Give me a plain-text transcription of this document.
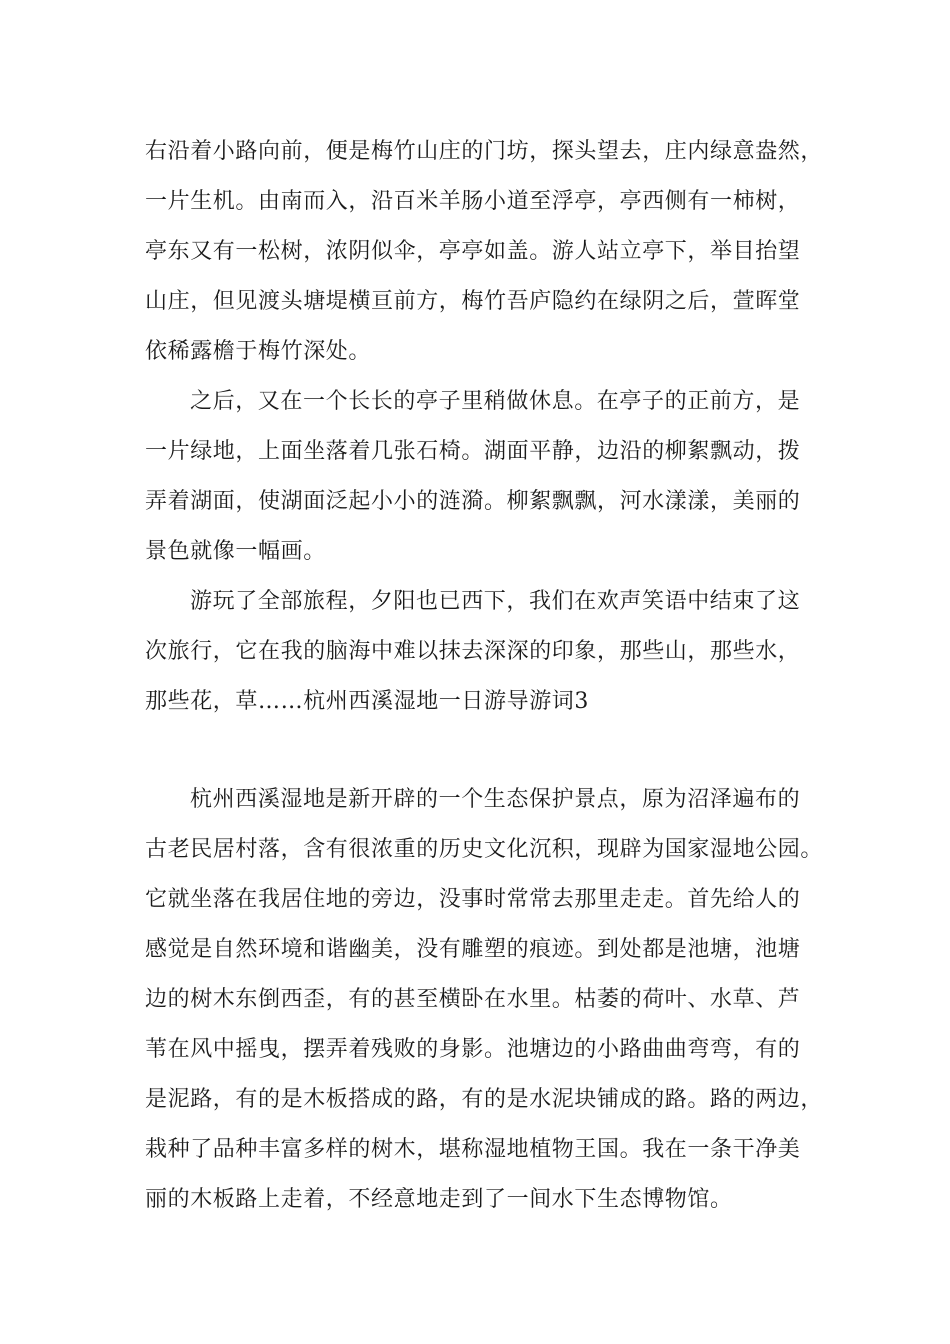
右沿着小路向前，便是梅竹山庄的门坊，探头望去，庄内绿意盎然，
一片生机。由南而入，沿百米羊肠小道至浮亭，亭西侧有一柿树，
亭东又有一松树，浓阴似伞，亭亭如盖。游人站立亭下，举目抬望
山庄，但见渡头塘堤横亘前方，梅竹吾庐隐约在绿阴之后，萱晖堂
依稀露檐于梅竹深处。
之后，又在一个长长的亭子里稍做休息。在亭子的正前方，是
一片绿地，上面坐落着几张石椅。湖面平静，边沿的柳絮飘动，拨
弄着湖面，使湖面泛起小小的涟漪。柳絮飘飘，河水漾漾，美丽的
景色就像一幅画。
游玩了全部旅程，夕阳也已西下，我们在欢声笑语中结束了这
次旅行，它在我的脑海中难以抹去深深的印象，那些山，那些水，
那些花，草……杭州西溪湿地一日游导游词3
杭州西溪湿地是新开辟的一个生态保护景点，原为沼泽遍布的
古老民居村落，含有很浓重的历史文化沉积，现辟为国家湿地公园。
它就坐落在我居住地的旁边，没事时常常去那里走走。首先给人的
感觉是自然环境和谐幽美，没有雕塑的痕迹。到处都是池塘，池塘
边的树木东倒西歪，有的甚至横卧在水里。枯萎的荷叶、水草、芦
苇在风中摇曳，摆弄着残败的身影。池塘边的小路曲曲弯弯，有的
是泥路，有的是木板搭成的路，有的是水泥块铺成的路。路的两边，
栽种了品种丰富多样的树木，堪称湿地植物王国。我在一条干净美
丽的木板路上走着，不经意地走到了一间水下生态博物馆。
